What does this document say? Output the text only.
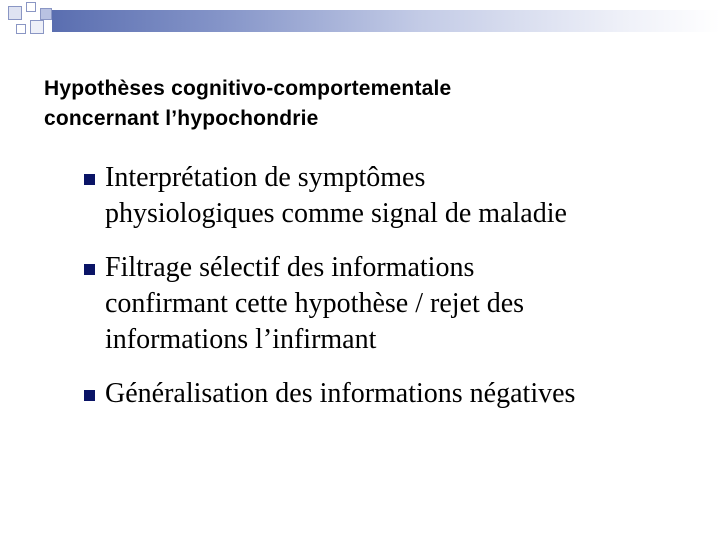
Hypothèses cognitivo-comportementale
concernant l’hypochondrie
Interprétation de symptômes
physiologiques comme signal de maladie
Filtrage sélectif des informations
confirmant cette hypothèse / rejet des
informations l’infirmant
Généralisation des informations négatives
